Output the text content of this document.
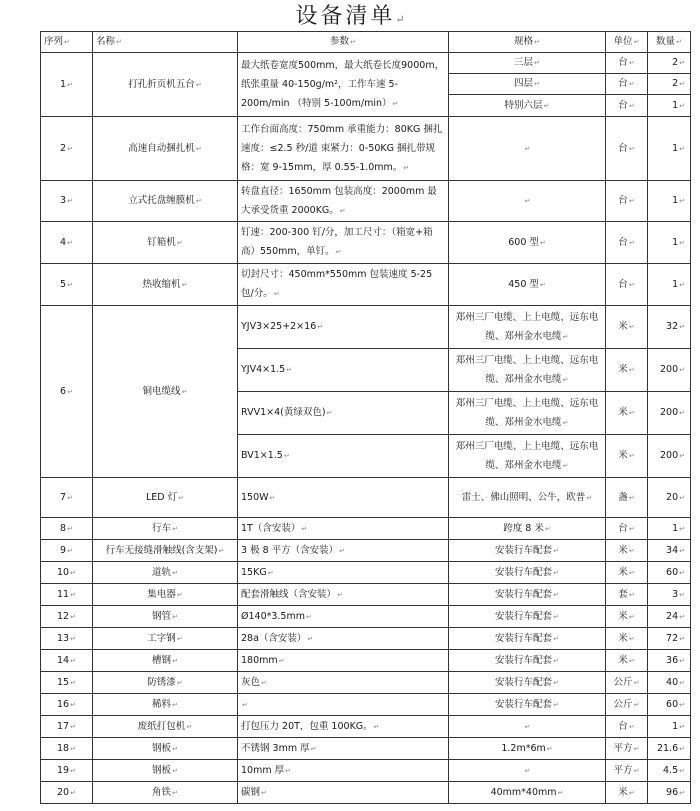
设备清单↵
序列 ↵	名称 ↵	参数 ↵	规格 ↵	单位 ↵	数量 ↵
1 ↵	打孔折页机五台 ↵	最大纸卷宽度500mm，最大纸卷长度9000m，纸张重量 40-150g/m²，工作车速 5-200m/min （特别 5-100m/min） ↵	三层 ↵	台 ↵	2 ↵
			四层 ↵	台 ↵	2 ↵
			特别六层 ↵	台 ↵	1 ↵
2 ↵	高速自动捆扎机 ↵	工作台面高度：750mm 承重能力：80KG 捆扎速度：≤2.5 秒/道 束紧力：0-50KG 捆扎带规格：宽 9-15mm，厚 0.55-1.0mm。 ↵	↵	台 ↵	1 ↵
3 ↵	立式托盘缠膜机 ↵	转盘直径：1650mm 包装高度：2000mm 最大承受货重 2000KG。 ↵	↵	台 ↵	1 ↵
4 ↵	钉箱机 ↵	钉速：200-300 钉/分，加工尺寸：（箱宽+箱高）550mm，单钉。 ↵	600 型 ↵	台 ↵	1 ↵
5 ↵	热收缩机 ↵	切封尺寸：450mm*550mm 包装速度 5-25 包/分。 ↵	450 型 ↵	台 ↵	1 ↵
6 ↵	铜电缆线 ↵	YJV3×25+2×16 ↵	郑州三厂电缆、上上电缆、远东电缆、郑州金水电缆 ↵	米 ↵	32 ↵
		YJV4×1.5 ↵	郑州三厂电缆、上上电缆、远东电缆、郑州金水电缆 ↵	米 ↵	200 ↵
		RVV1×4(黄绿双色) ↵	郑州三厂电缆、上上电缆、远东电缆、郑州金水电缆 ↵	米 ↵	200 ↵
		BV1×1.5 ↵	郑州三厂电缆、上上电缆、远东电缆、郑州金水电缆 ↵	米 ↵	200 ↵
7 ↵	LED 灯 ↵	150W ↵	雷士、佛山照明、公牛，欧普 ↵	盏 ↵	20 ↵
8 ↵	行车 ↵	1T（含安装） ↵	跨度 8 米 ↵	台 ↵	1 ↵
9 ↵	行车无接缝滑触线(含支架) ↵	3 极 8 平方（含安装） ↵	安装行车配套 ↵	米 ↵	34 ↵
10 ↵	道轨 ↵	15KG ↵	安装行车配套 ↵	米 ↵	60 ↵
11 ↵	集电器 ↵	配套滑触线（含安装） ↵	安装行车配套 ↵	套 ↵	3 ↵
12 ↵	钢管 ↵	Ø140*3.5mm ↵	安装行车配套 ↵	米 ↵	24 ↵
13 ↵	工字钢 ↵	28a（含安装） ↵	安装行车配套 ↵	米 ↵	72 ↵
14 ↵	槽钢 ↵	180mm ↵	安装行车配套 ↵	米 ↵	36 ↵
15 ↵	防锈漆 ↵	灰色 ↵	安装行车配套 ↵	公斤 ↵	40 ↵
16 ↵	稀料 ↵	↵	安装行车配套 ↵	公斤 ↵	60 ↵
17 ↵	废纸打包机 ↵	打包压力 20T，包重 100KG。 ↵	↵	台 ↵	1 ↵
18 ↵	钢板 ↵	不锈钢 3mm 厚 ↵	1.2m*6m ↵	平方 ↵	21.6 ↵
19 ↵	钢板 ↵	10mm 厚 ↵	↵	平方 ↵	4.5 ↵
20 ↵	角铁 ↵	碳钢 ↵	40mm*40mm ↵	米 ↵	96 ↵
